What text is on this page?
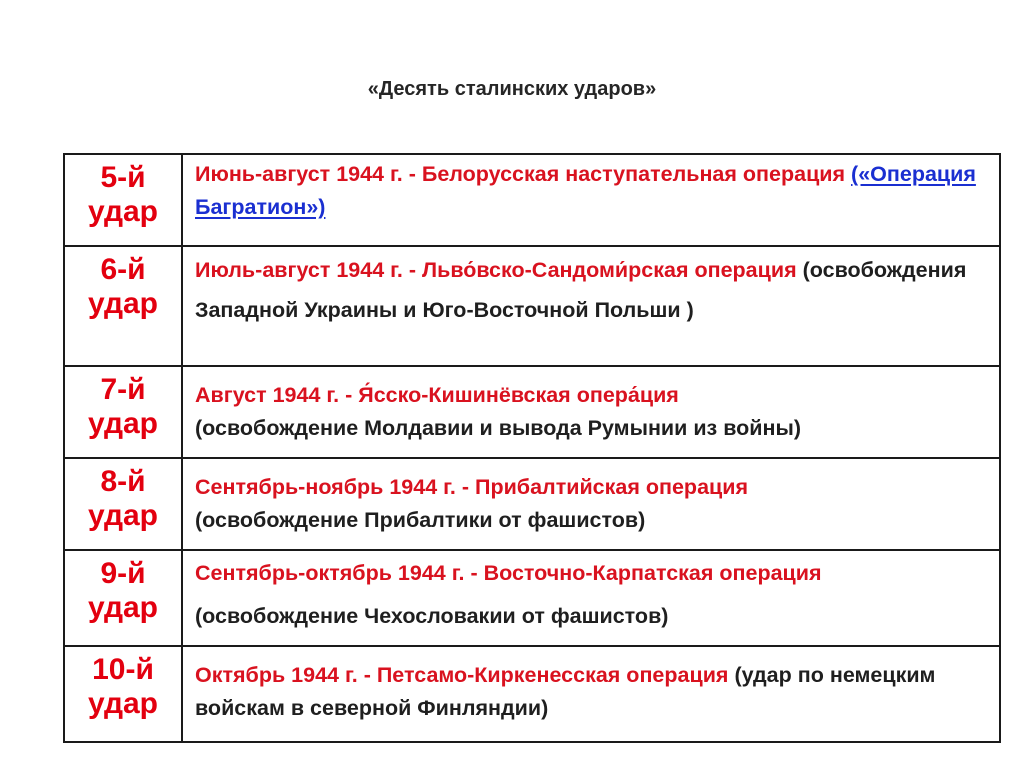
«Десять сталинских ударов»
5-й
удар	Июнь-август 1944 г. - Белорусская наступательная операция («Операция Багратион»)

6-й
удар	Июль-август 1944 г. - Льво́вско-Сандоми́рская операция (освобождения Западной Украины и Юго-Восточной Польши )

7-й
удар	Август 1944 г. - Я́сско-Кишинёвская опера́ция
(освобождение Молдавии и вывода Румынии из войны)

8-й
удар	Сентябрь-ноябрь 1944 г. - Прибалтийская операция
(освобождение Прибалтики от фашистов)

9-й
удар	Сентябрь-октябрь 1944 г. - Восточно-Карпатская операция
(освобождение Чехословакии от фашистов)

10-й
удар	Октябрь 1944 г. - Петсамо-Киркенесская операция (удар по немецким войскам в северной Финляндии)
